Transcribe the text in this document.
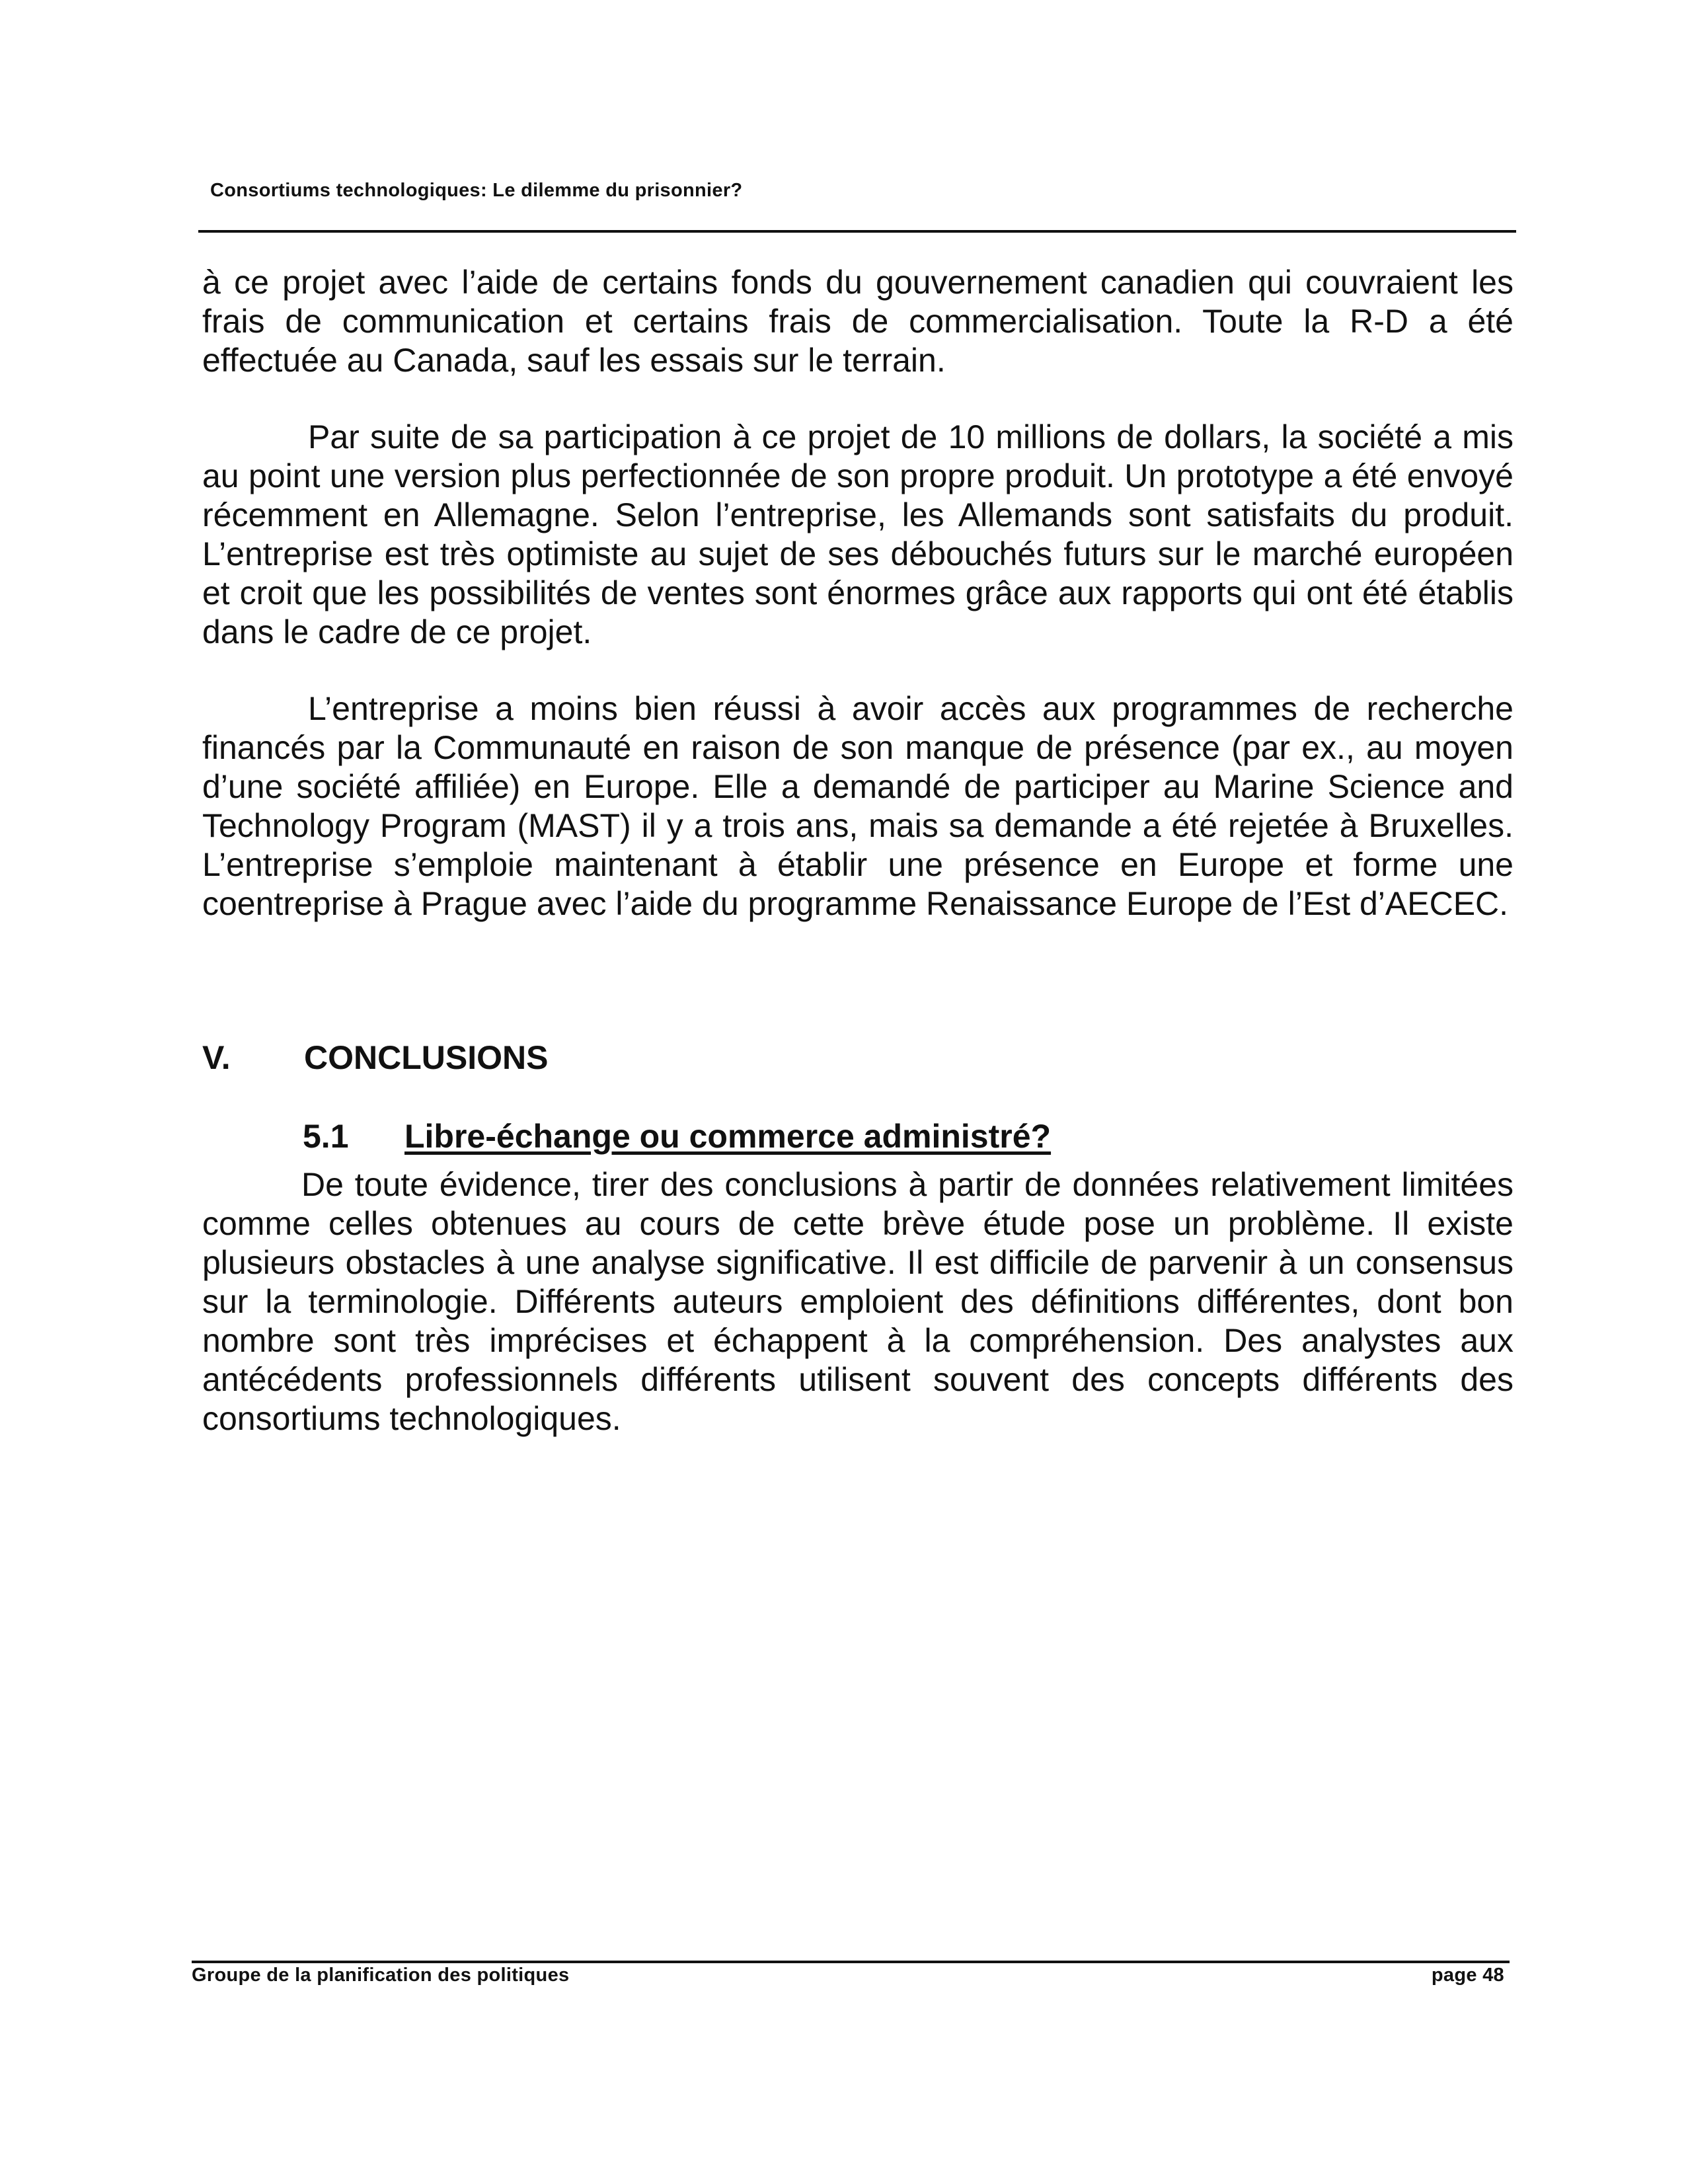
Consortiums technologiques: Le dilemme du prisonnier?

à ce projet avec l’aide de certains fonds du gouvernement canadien qui couvraient les frais de communication et certains frais de commercialisation. Toute la R-D a été effectuée au Canada, sauf les essais sur le terrain.

Par suite de sa participation à ce projet de 10 millions de dollars, la société a mis au point une version plus perfectionnée de son propre produit. Un prototype a été envoyé récemment en Allemagne. Selon l’entreprise, les Allemands sont satisfaits du produit. L’entreprise est très optimiste au sujet de ses débouchés futurs sur le marché européen et croit que les possibilités de ventes sont énormes grâce aux rapports qui ont été établis dans le cadre de ce projet.

L’entreprise a moins bien réussi à avoir accès aux programmes de recherche financés par la Communauté en raison de son manque de présence (par ex., au moyen d’une société affiliée) en Europe. Elle a demandé de participer au Marine Science and Technology Program (MAST) il y a trois ans, mais sa demande a été rejetée à Bruxelles. L’entreprise s’emploie maintenant à établir une présence en Europe et forme une coentreprise à Prague avec l’aide du programme Renaissance Europe de l’Est d’AECEC.

V. CONCLUSIONS
5.1 Libre-échange ou commerce administré?

De toute évidence, tirer des conclusions à partir de données relativement limitées comme celles obtenues au cours de cette brève étude pose un problème. Il existe plusieurs obstacles à une analyse significative. Il est difficile de parvenir à un consensus sur la terminologie. Différents auteurs emploient des définitions différentes, dont bon nombre sont très imprécises et échappent à la compréhension. Des analystes aux antécédents professionnels différents utilisent souvent des concepts différents des consortiums technologiques.

Groupe de la planification des politiques	page 48
